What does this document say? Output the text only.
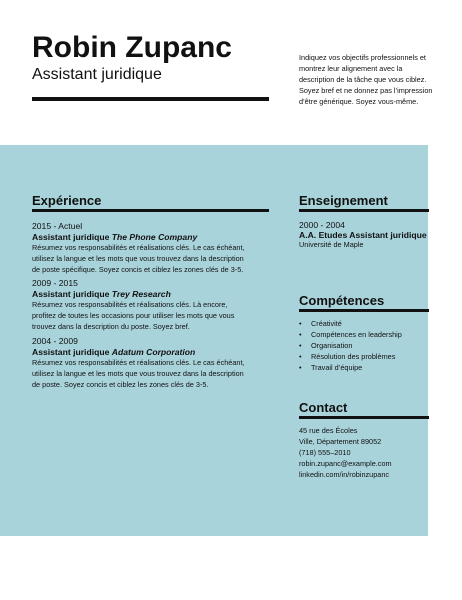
Robin Zupanc
Assistant juridique
Indiquez vos objectifs professionnels et montrez leur alignement avec la description de la tâche que vous ciblez. Soyez bref et ne donnez pas l’impression d’être générique. Soyez vous-même.
Expérience
2015 - Actuel
Assistant juridique The Phone Company
Résumez vos responsabilités et réalisations clés. Le cas échéant, utilisez la langue et les mots que vous trouvez dans la description de poste spécifique. Soyez concis et ciblez les zones clés de 3-5.
2009 - 2015
Assistant juridique Trey Research
Résumez vos responsabilités et réalisations clés. Là encore, profitez de toutes les occasions pour utiliser les mots que vous trouvez dans la description du poste. Soyez bref.
2004 - 2009
Assistant juridique Adatum Corporation
Résumez vos responsabilités et réalisations clés. Le cas échéant, utilisez la langue et les mots que vous trouvez dans la description de poste. Soyez concis et ciblez les zones clés de 3-5.
Enseignement
2000 - 2004
A.A. Etudes Assistant juridique
Université de Maple
Compétences
• Créativité
• Compétences en leadership
• Organisation
• Résolution des problèmes
• Travail d’équipe
Contact
45 rue des Écoles
Ville, Département 89052
(718) 555–2010
robin.zupanc@example.com
linkedin.com/in/robinzupanc
